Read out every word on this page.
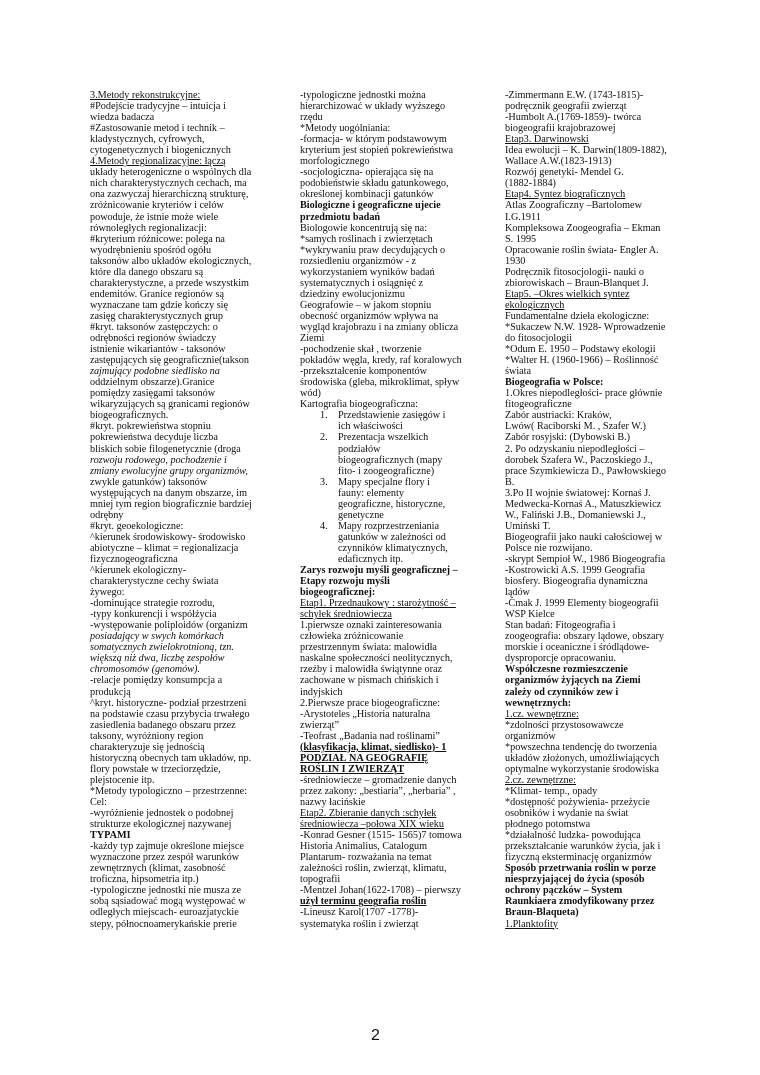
3.Metody rekonstrukcyjne:
#Podejście tradycyjne – intuicja i
wiedza badacza
#Zastosowanie metod i technik –
kladystycznych, cyfrowych,
cytogenetycznych i biogenicznych
4.Metody regionalizacyjne: łączą
układy heterogeniczne o wspólnych dla
nich charakterystycznych cechach, ma
ona zazwyczaj hierarchiczną strukturę,
zróżnicowanie kryteriów i celów
powoduje, że istnie może wiele
równoległych regionalizacji:
#kryterium różnicowe: polega na
wyodrębnieniu spośród ogółu
taksonów albo układów ekologicznych,
które dla danego obszaru są
charakterystyczne, a przede wszystkim
endemitów. Granice regionów są
wyznaczane tam gdzie kończy się
zasięg charakterystycznych grup
#kryt. taksonów zastępczych: o
odrębności regionów świadczy
istnienie wikariantów - taksonów
zastępujących się geograficznie(takson
zajmujący podobne siedlisko na
oddzielnym obszarze).Granice
pomiędzy zasięgami taksonów
wikaryzujących są granicami regionów
biogeograficznych.
#kryt. pokrewieństwa stopniu
pokrewieństwa decyduje liczba
bliskich sobie filogenetycznie (droga
rozwoju rodowego, pochodzenie i
zmiany ewolucyjne grupy organizmów,
zwykle gatunków) taksonów
występujących na danym obszarze, im
mniej tym region biograficznie bardziej
odrębny
#kryt. geoekologiczne:
^kierunek środowiskowy- środowisko
abiotyczne – klimat = regionalizacja
fizycznogeograficzna
^kierunek ekologiczny-
charakterystyczne cechy świata
żywego:
-dominujące strategie rozrodu,
-typy konkurencji i współżycia
-występowanie poliploidów (organizm
posiadający w swych komórkach
somatycznych zwielokrotnioną, tzn.
większą niż dwa, liczbę zespołów
chromosomów (genomów).
-relacje pomiędzy konsumpcja a
produkcją
^kryt. historyczne- podział przestrzeni
na podstawie czasu przybycia trwałego
zasiedlenia badanego obszaru przez
taksony, wyróżniony region
charakteryzuje się jednością
historyczną obecnych tam układów, np.
flory powstałe w trzeciorzędzie,
plejstocenie itp.
*Metody typologiczno – przestrzenne:
Cel:
-wyróżnienie jednostek o podobnej
strukturze ekologicznej nazywanej
TYPAMI
-każdy typ zajmuje określone miejsce
wyznaczone przez zespół warunków
zewnętrznych (klimat, zasobność
troficzna, hipsometria itp.)
-typologiczne jednostki nie musza ze
sobą sąsiadować mogą występować w
odległych miejscach- euroazjatyckie
stepy, północnoamerykańskie prerie
-typologiczne jednostki można
hierarchizować w układy wyższego
rzędu
*Metody uogólniania:
-formacja- w którym podstawowym
kryterium jest stopień pokrewieństwa
morfologicznego
-socjologiczna- opierająca się na
podobieństwie składu gatunkowego,
określonej kombinacji gatunków
Biologiczne i geograficzne ujecie
przedmiotu badań
Biologowie koncentrują się na:
*samych roślinach i zwierzętach
*wykrywaniu praw decydujących o
rozsiedleniu organizmów - z
wykorzystaniem wyników badań
systematycznych i osiągnięć z
dziedziny ewolucjonizmu
Geografowie – w jakom stopniu
obecność organizmów wpływa na
wygląd krajobrazu i na zmiany oblicza
Ziemi
-pochodzenie skał , tworzenie
pokładów węgla, kredy, raf koralowych
-przekształcenie komponentów
środowiska (gleba, mikroklimat, spływ
wód)
Kartografia biogeograficzna:
1. Przedstawienie zasięgów i
ich właściwości
2. Prezentacja wszelkich
podziałów
biogeograficznych (mapy
fito- i zoogeograficzne)
3. Mapy specjalne flory i
fauny: elementy
geograficzne, historyczne,
genetyczne
4. Mapy rozprzestrzeniania
gatunków w zależności od
czynników klimatycznych,
edaficznych itp.
Zarys rozwoju myśli geograficznej –
Etapy rozwoju myśli
biogeograficznej:
Etap1. Przednaukowy : starożytność –
schyłek średniowiecza
1.pierwsze oznaki zainteresowania
człowieka zróżnicowanie
przestrzennym świata: malowidła
naskalne społeczności neolitycznych,
rzeźby i malowidła świątynne oraz
zachowane w pismach chińskich i
indyjskich
2.Pierwsze prace biogeograficzne:
-Arystoteles „Historia naturalna
zwierząt”
-Teofrast „Badania nad roślinami”
(klasyfikacja, klimat, siedlisko)- 1
PODZIAŁ NA GEOGRAFIĘ
ROŚLIN I ZWIERZĄT
-średniowiecze – gromadzenie danych
przez zakony: „bestiaria”, „herbaria” ,
nazwy łacińskie
Etap2. Zbieranie danych :schyłek
średniowiecza –połowa XIX wieku
-Konrad Gesner (1515- 1565)7 tomowa
Historia Animalius, Catalogum
Plantarum- rozważania na temat
zależności roślin, zwierząt, klimatu,
topografii
-Mentzel Johan(1622-1708) – pierwszy
użył terminu geografia roślin
-Lineusz Karol(1707 -1778)-
systematyka roślin i zwierząt
-Zimmermann E.W. (1743-1815)-
podręcznik geografii zwierząt
-Humbolt A.(1769-1859)- twórca
biogeografii krajobrazowej
Etap3. Darwinowski
Idea ewolucji – K. Darwin(1809-1882),
Wallace A.W.(1823-1913)
Rozwój genetyki- Mendel G.
(1882-1884)
Etap4. Syntez biograficznych
Atlas Zoograficzny –Bartolomew
I.G.1911
Kompleksowa Zoogeografia – Ekman
S. 1995
Opracowanie roślin świata- Engler A.
1930
Podręcznik fitosocjologii- nauki o
zbiorowiskach – Braun-Blanquet J.
Etap5. –Okres wielkich syntez
ekologicznych
Fundamentalne dzieła ekologiczne:
*Sukaczew N.W. 1928- Wprowadzenie
do fitosocjologii
*Odum E. 1950 – Podstawy ekologii
*Walter H. (1960-1966) – Roślinność
świata
Biogeografia w Polsce:
1.Okres niepodległości- prace głównie
fitogeograficzne
Zabór austriacki: Kraków,
Lwów( Raciborski M. , Szafer W.)
Zabór rosyjski: (Dybowski B.)
2. Po odzyskaniu niepodległości –
dorobek Szafera W., Paczoskiego J.,
prace Szymkiewicza D., Pawłowskiego
B.
3.Po II wojnie światowej: Kornaś J.
Medwecka-Kornaś A., Matuszkiewicz
W., Faliński J.B., Domaniewski J.,
Umiński T.
Biogeografii jako nauki całościowej w
Polsce nie rozwijano.
-skrypt Sempioł W., 1986 Biogeografia
-Kostrowicki A.S. 1999 Geografia
biosfery. Biogeografia dynamiczna
lądów
-Ćmak J. 1999 Elementy biogeografii
WSP Kielce
Stan badań: Fitogeografia i
zoogeografia: obszary lądowe, obszary
morskie i oceaniczne i śródlądowe-
dysproporcje opracowaniu.
Współczesne rozmieszczenie
organizmów żyjących na Ziemi
zależy od czynników zew i
wewnętrznych:
1.cz. wewnętrzne:
*zdolności przystosowawcze
organizmów
*powszechna tendencję do tworzenia
układów złożonych, umożliwiających
optymalne wykorzystanie środowiska
2.cz. zewnętrzne:
*Klimat- temp., opady
*dostępność pożywienia- przeżycie
osobników i wydanie na świat
płodnego potomstwa
*działalność ludzka- powodująca
przekształcanie warunków życia, jak i
fizyczną eksterminację organizmów
Sposób przetrwania roślin w porze
niesprzyjającej do życia (sposób
ochrony pączków – System
Raunkiaera zmodyfikowany przez
Braun-Blaqueta)
1.Planktofity
2
